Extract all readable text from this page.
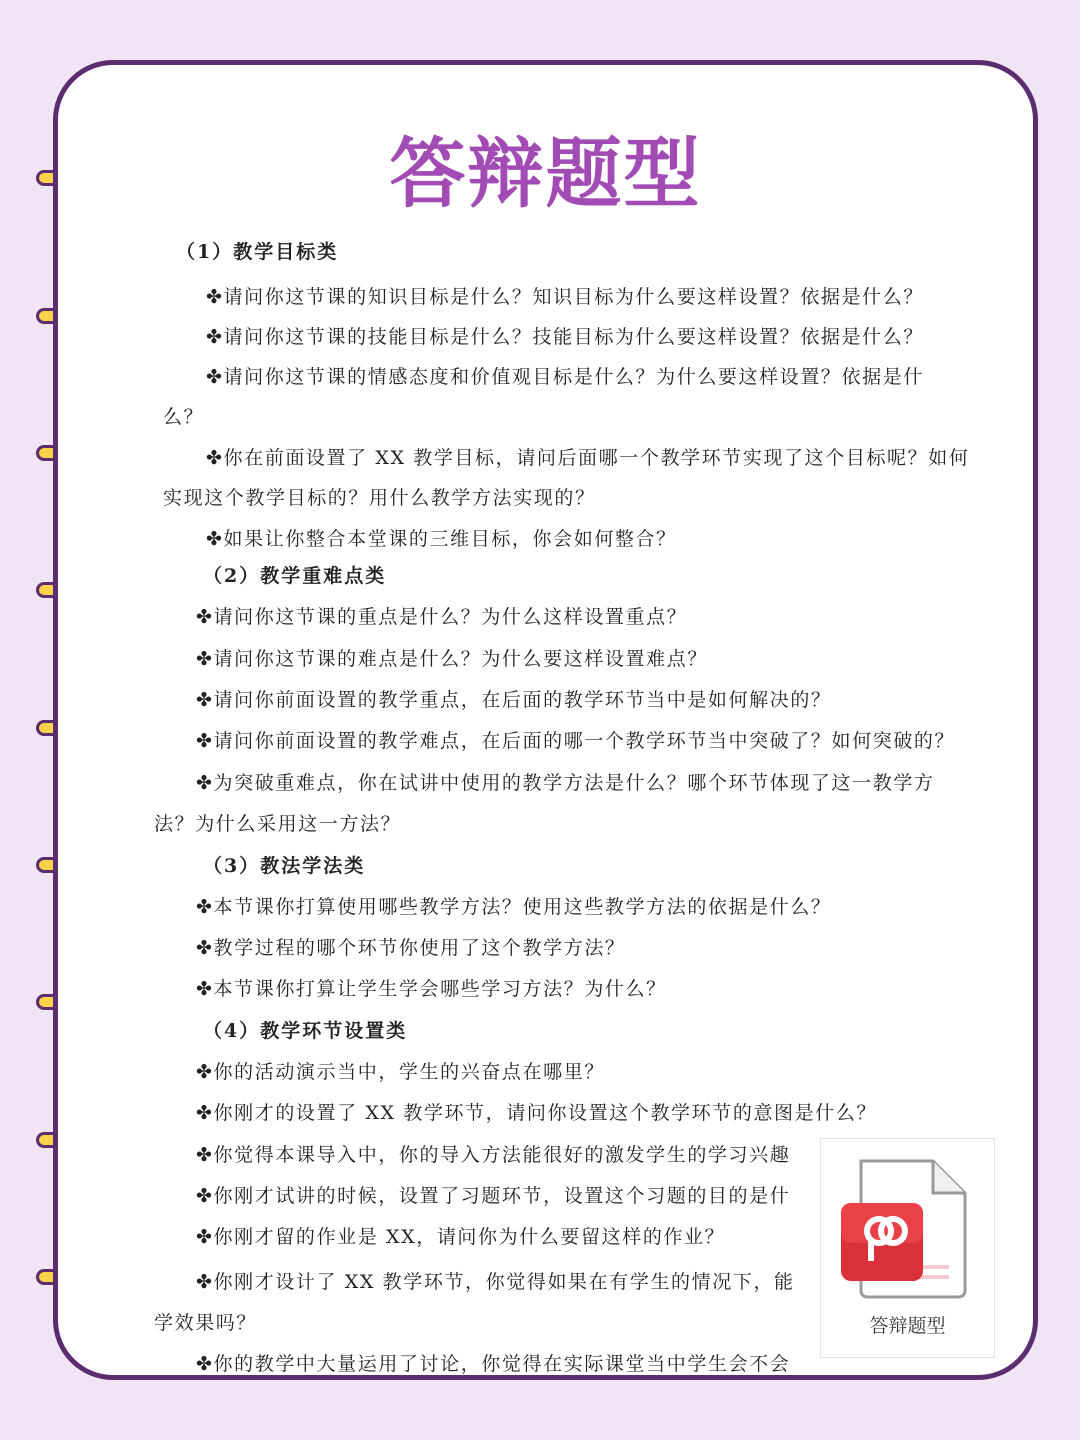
答辩题型
（1）教学目标类
✤请问你这节课的知识目标是什么？知识目标为什么要这样设置？依据是什么？
✤请问你这节课的技能目标是什么？技能目标为什么要这样设置？依据是什么？
✤请问你这节课的情感态度和价值观目标是什么？为什么要这样设置？依据是什
么？
✤你在前面设置了 XX 教学目标，请问后面哪一个教学环节实现了这个目标呢？如何
实现这个教学目标的？用什么教学方法实现的？
✤如果让你整合本堂课的三维目标，你会如何整合？
（2）教学重难点类
✤请问你这节课的重点是什么？为什么这样设置重点？
✤请问你这节课的难点是什么？为什么要这样设置难点？
✤请问你前面设置的教学重点，在后面的教学环节当中是如何解决的？
✤请问你前面设置的教学难点，在后面的哪一个教学环节当中突破了？如何突破的？
✤为突破重难点，你在试讲中使用的教学方法是什么？哪个环节体现了这一教学方
法？为什么采用这一方法？
（3）教法学法类
✤本节课你打算使用哪些教学方法？使用这些教学方法的依据是什么？
✤教学过程的哪个环节你使用了这个教学方法？
✤本节课你打算让学生学会哪些学习方法？为什么？
（4）教学环节设置类
✤你的活动演示当中，学生的兴奋点在哪里？
✤你刚才的设置了 XX 教学环节，请问你设置这个教学环节的意图是什么？
✤你觉得本课导入中，你的导入方法能很好的激发学生的学习兴趣
✤你刚才试讲的时候，设置了习题环节，设置这个习题的目的是什
✤你刚才留的作业是 XX，请问你为什么要留这样的作业？
✤你刚才设计了 XX 教学环节，你觉得如果在有学生的情况下，能
学效果吗？
✤你的教学中大量运用了讨论，你觉得在实际课堂当中学生会不会
答辩题型
